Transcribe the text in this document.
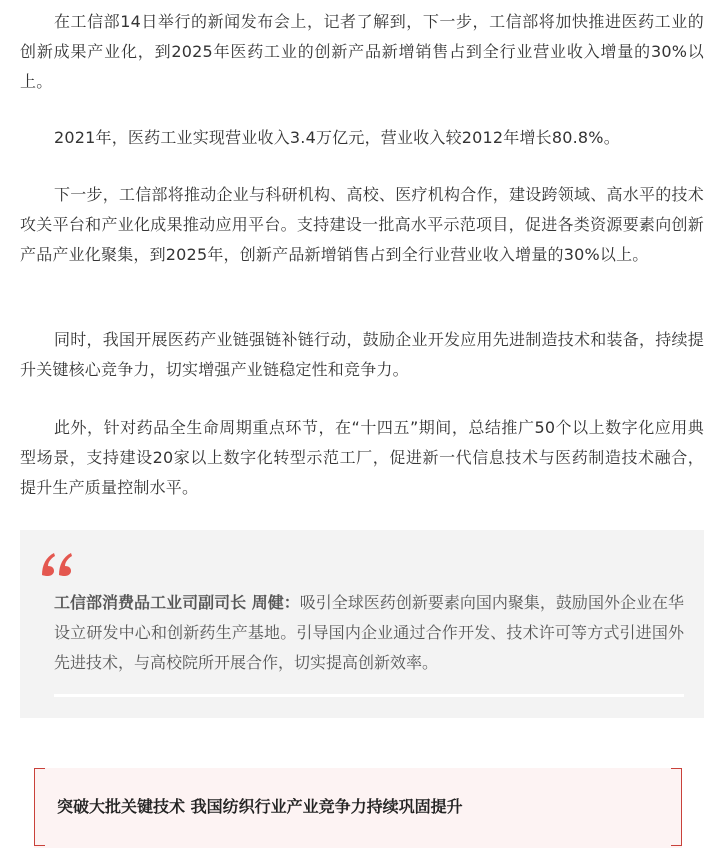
在工信部14日举行的新闻发布会上，记者了解到，下一步，工信部将加快推进医药工业的创新成果产业化，到2025年医药工业的创新产品新增销售占到全行业营业收入增量的30%以上。

2021年，医药工业实现营业收入3.4万亿元，营业收入较2012年增长80.8%。

下一步，工信部将推动企业与科研机构、高校、医疗机构合作，建设跨领域、高水平的技术攻关平台和产业化成果推动应用平台。支持建设一批高水平示范项目，促进各类资源要素向创新产品产业化聚集，到2025年，创新产品新增销售占到全行业营业收入增量的30%以上。

同时，我国开展医药产业链强链补链行动，鼓励企业开发应用先进制造技术和装备，持续提升关键核心竞争力，切实增强产业链稳定性和竞争力。

此外，针对药品全生命周期重点环节，在“十四五”期间，总结推广50个以上数字化应用典型场景，支持建设20家以上数字化转型示范工厂，促进新一代信息技术与医药制造技术融合，提升生产质量控制水平。

工信部消费品工业司副司长 周健：吸引全球医药创新要素向国内聚集，鼓励国外企业在华设立研发中心和创新药生产基地。引导国内企业通过合作开发、技术许可等方式引进国外先进技术，与高校院所开展合作，切实提高创新效率。

突破大批关键技术 我国纺织行业产业竞争力持续巩固提升
